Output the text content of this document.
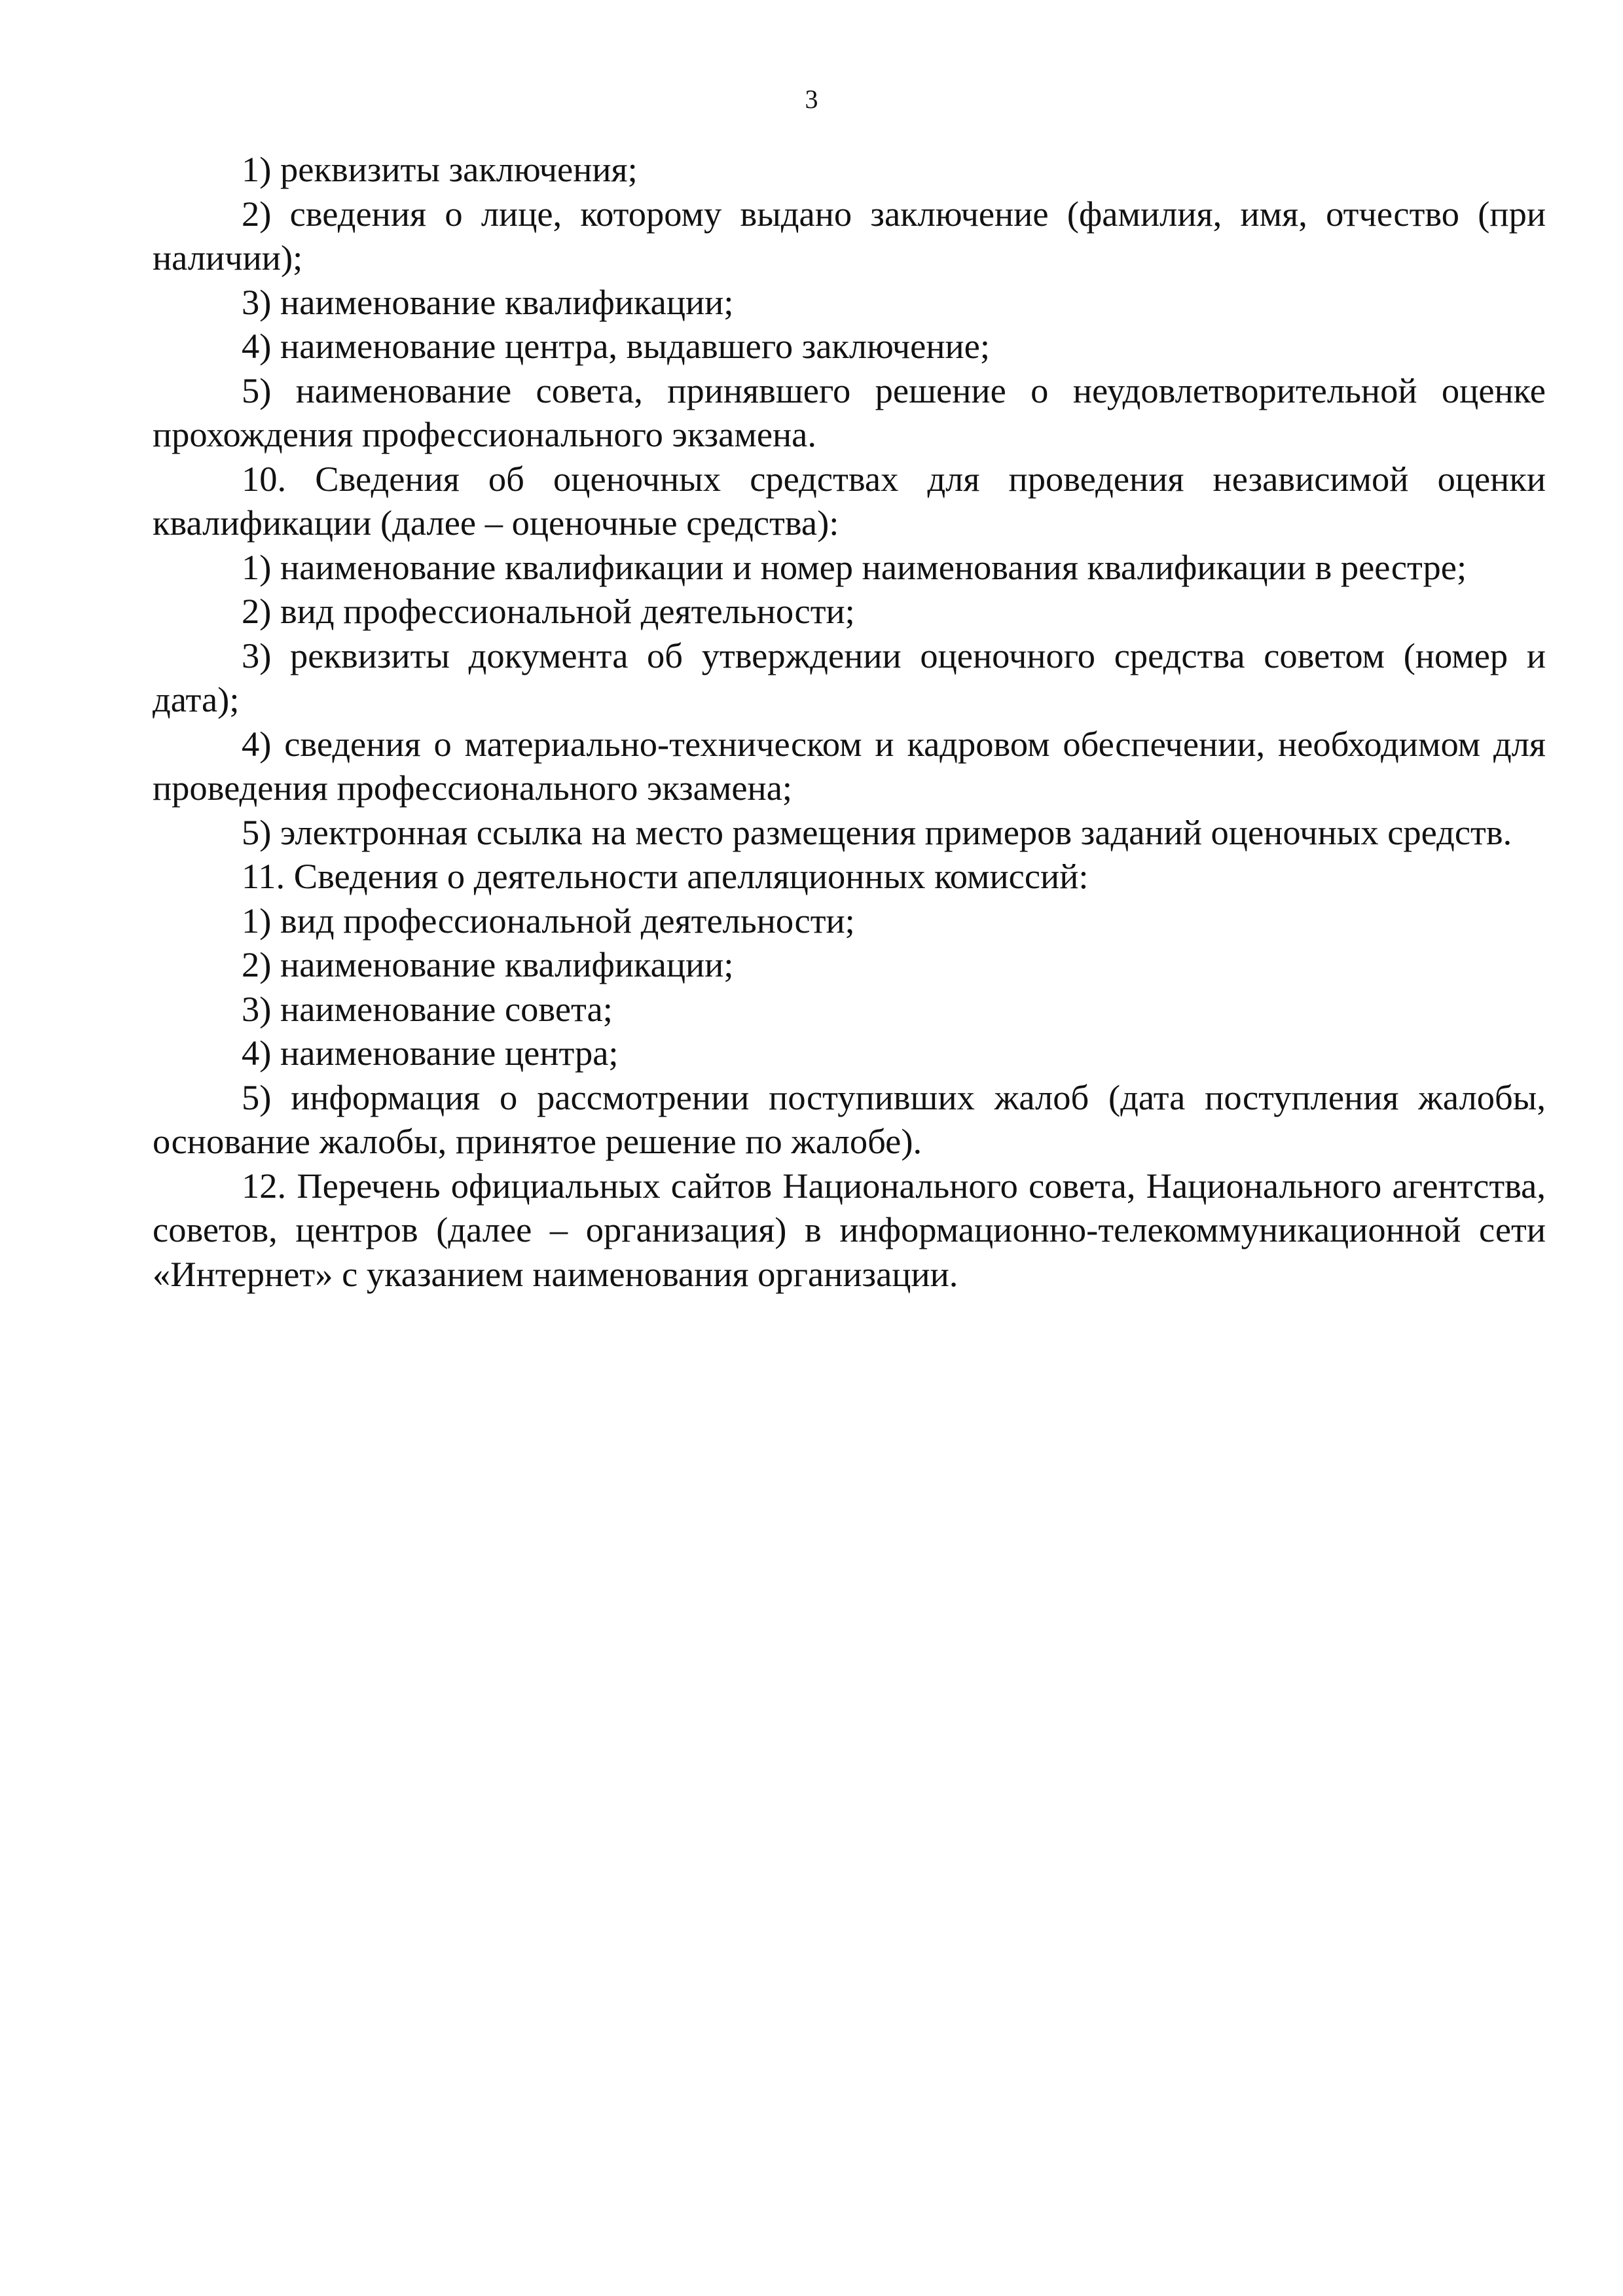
3

1) реквизиты заключения;

2) сведения о лице, которому выдано заключение (фамилия, имя, отчество (при наличии);

3) наименование квалификации;

4) наименование центра, выдавшего заключение;

5) наименование совета, принявшего решение о неудовлетворительной оценке прохождения профессионального экзамена.

10. Сведения об оценочных средствах для проведения независимой оценки квалификации (далее – оценочные средства):

1) наименование квалификации и номер наименования квалификации в реестре;

2) вид профессиональной деятельности;

3) реквизиты документа об утверждении оценочного средства советом (номер и дата);

4) сведения о материально-техническом и кадровом обеспечении, необходимом для проведения профессионального экзамена;

5) электронная ссылка на место размещения примеров заданий оценочных средств.

11. Сведения о деятельности апелляционных комиссий:

1) вид профессиональной деятельности;

2) наименование квалификации;

3) наименование совета;

4) наименование центра;

5) информация о рассмотрении поступивших жалоб (дата поступления жалобы, основание жалобы, принятое решение по жалобе).

12. Перечень официальных сайтов Национального совета, Национального агентства, советов, центров (далее – организация) в информационно-телекоммуникационной сети «Интернет» с указанием наименования организации.
